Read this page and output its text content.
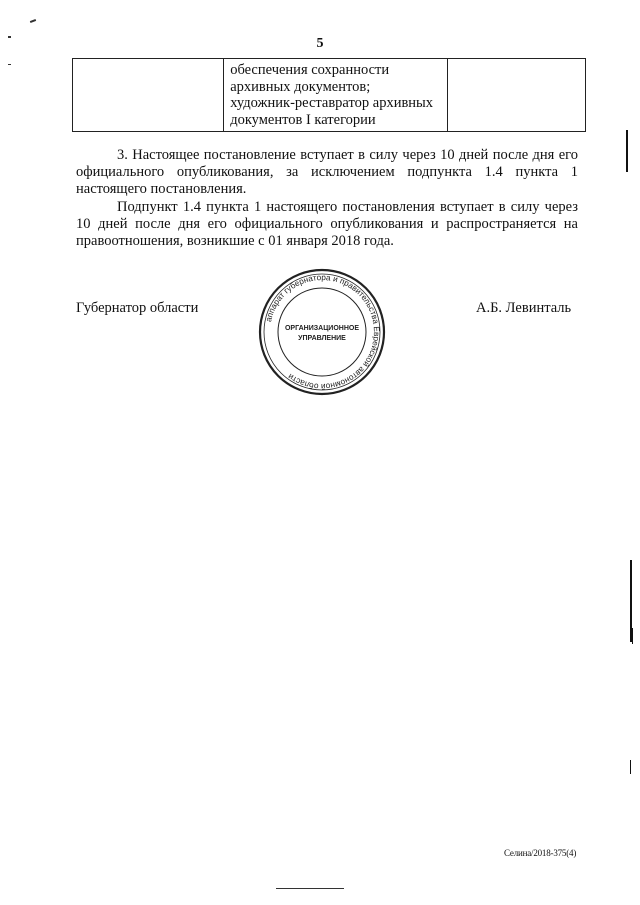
5

обеспечения сохранности
архивных документов;
художник-реставратор архивных
документов I категории

3. Настоящее постановление вступает в силу через 10 дней после дня его официального опубликования, за исключением подпункта 1.4 пункта 1 настоящего постановления.

Подпункт 1.4 пункта 1 настоящего постановления вступает в силу через 10 дней после дня его официального опубликования и распространяется на правоотношения, возникшие с 01 января 2018 года.

Губернатор области	А.Б. Левинталь
аппарат губернатора и правительства Еврейской автономной области
ОРГАНИЗАЦИОННОЕ
УПРАВЛЕНИЕ
Селина/2018-375(4)
